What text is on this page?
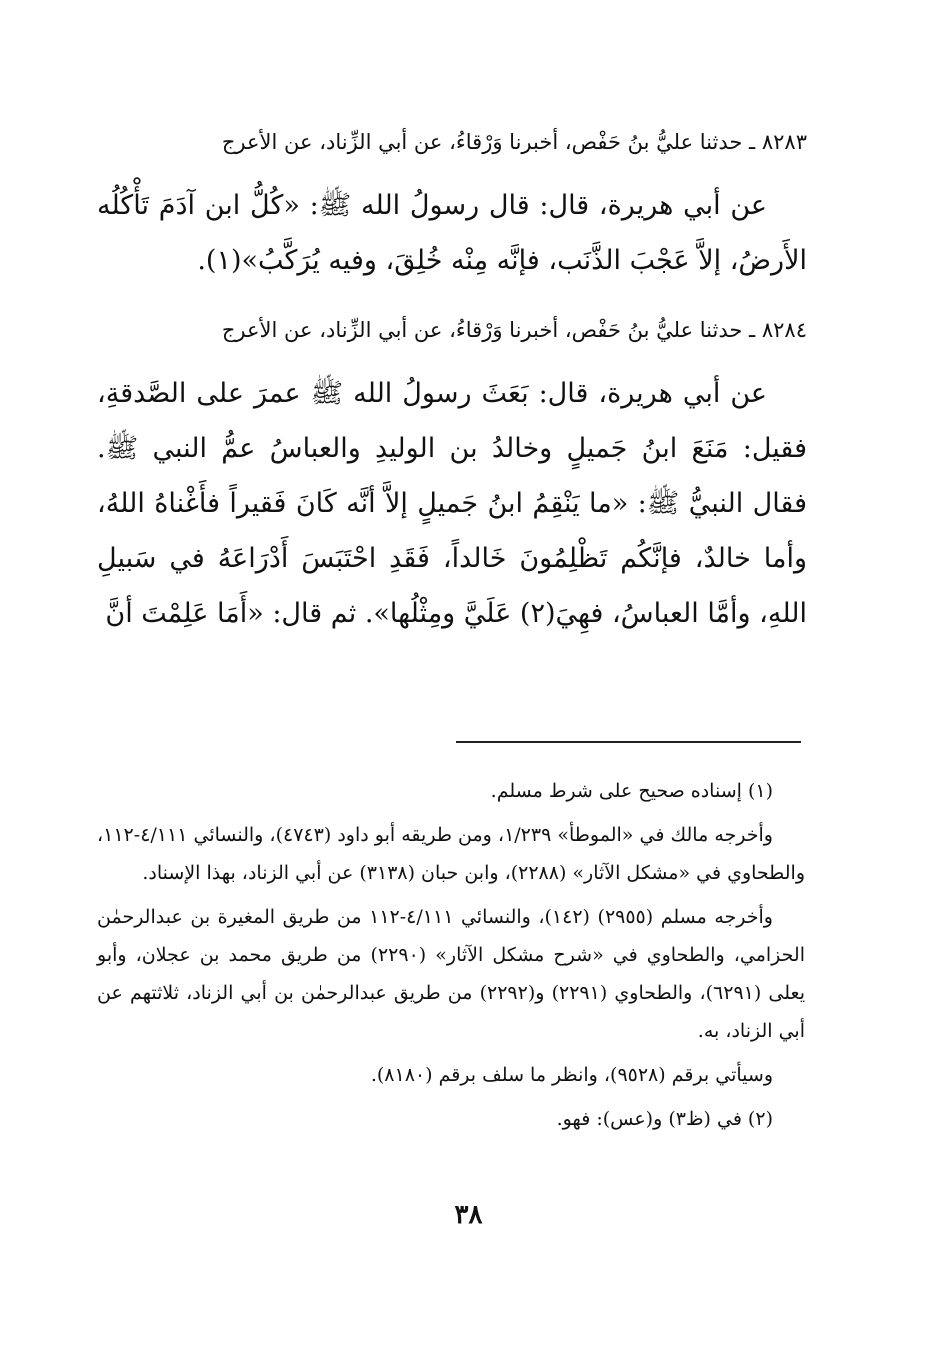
٨٢٨٣ ـ حدثنا عليُّ بنُ حَفْص، أخبرنا وَرْقاءُ، عن أبي الزِّناد، عن الأعرج

عن أبي هريرة، قال: قال رسولُ الله ﷺ: «كُلُّ ابن آدَمَ تَأْكُلُه الأَرضُ، إلاَّ عَجْبَ الذَّنَب، فإنَّه مِنْه خُلِقَ، وفيه يُرَكَّبُ»(١).

٨٢٨٤ ـ حدثنا عليُّ بنُ حَفْص، أخبرنا وَرْقاءُ، عن أبي الزِّناد، عن الأعرج

عن أبي هريرة، قال: بَعَثَ رسولُ الله ﷺ عمرَ على الصَّدقةِ، فقيل: مَنَعَ ابنُ جَميلٍ وخالدُ بن الوليدِ والعباسُ عمُّ النبي ﷺ. فقال النبيُّ ﷺ: «ما يَنْقِمُ ابنُ جَميلٍ إلاَّ أنَّه كَانَ فَقيراً فأَغْناهُ اللهُ، وأما خالدٌ، فإنَّكُم تَظْلِمُونَ خَالداً، فَقَدِ احْتَبَسَ أَدْرَاعَهُ في سَبيلِ اللهِ، وأمَّا العباسُ، فهِيَ(٢) عَلَيَّ ومِثْلُها». ثم قال: «أَمَا عَلِمْتَ أنَّ

(١) إسناده صحيح على شرط مسلم.

وأخرجه مالك في «الموطأ» ١/٢٣٩، ومن طريقه أبو داود (٤٧٤٣)، والنسائي ٤/١١١-١١٢، والطحاوي في «مشكل الآثار» (٢٢٨٨)، وابن حبان (٣١٣٨) عن أبي الزناد، بهذا الإسناد.

وأخرجه مسلم (٢٩٥٥) (١٤٢)، والنسائي ٤/١١١-١١٢ من طريق المغيرة بن عبدالرحمٰن الحزامي، والطحاوي في «شرح مشكل الآثار» (٢٢٩٠) من طريق محمد بن عجلان، وأبو يعلى (٦٢٩١)، والطحاوي (٢٢٩١) و(٢٢٩٢) من طريق عبدالرحمٰن بن أبي الزناد، ثلاثتهم عن أبي الزناد، به.

وسيأتي برقم (٩٥٢٨)، وانظر ما سلف برقم (٨١٨٠).

(٢) في (ظ٣) و(عس): فهو.

٣٨
